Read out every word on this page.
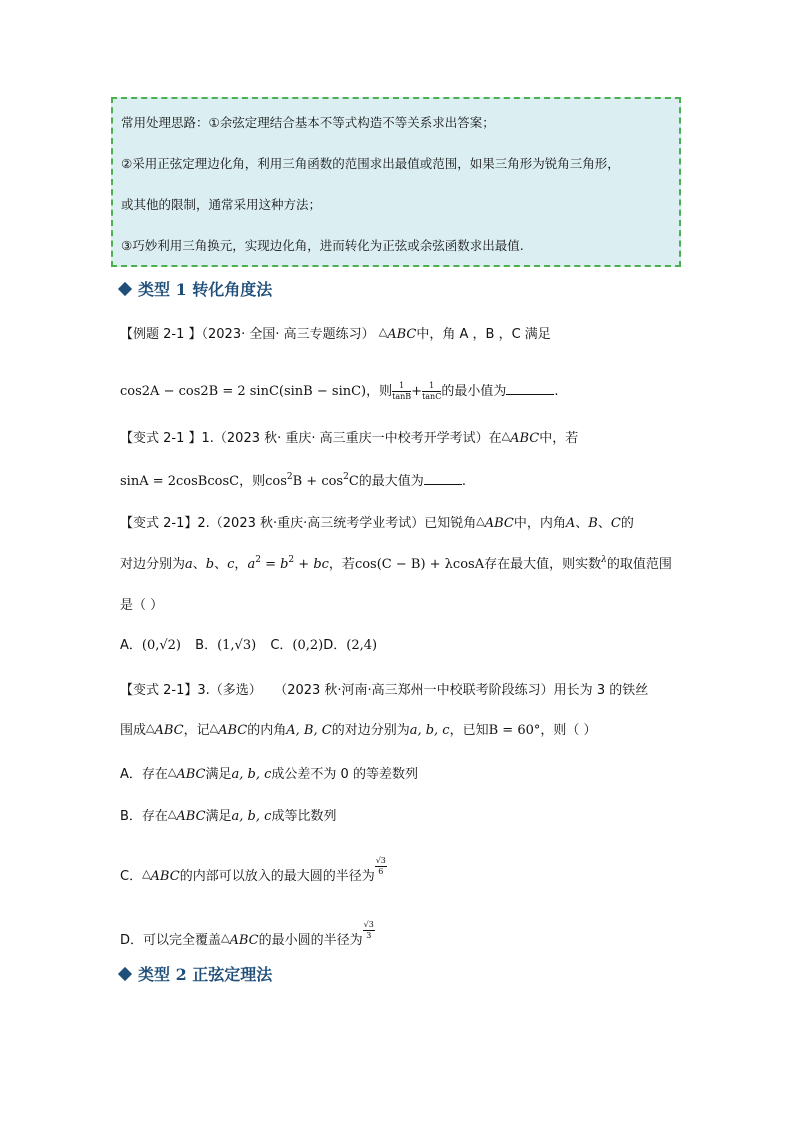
常用处理思路：①余弦定理结合基本不等式构造不等关系求出答案；
②采用正弦定理边化角，利用三角函数的范围求出最值或范围，如果三角形为锐角三角形，
或其他的限制，通常采用这种方法；
③巧妙利用三角换元，实现边化角，进而转化为正弦或余弦函数求出最值.
类型 1 转化角度法
【例题 2-1 】（2023· 全国· 高三专题练习） △ABC中，角 A ，B ，C 满足
cos2A − cos2B = 2 sinC(sinB − sinC)，则 $\frac{1}{\tan B} + \frac{1}{\tan C}$ 的最小值为	.
【变式 2-1 】1.（2023 秋· 重庆· 高三重庆一中校考开学考试）在△ABC中，若
sinA = 2cosBcosC，则$\cos^2B + \cos^2C$的最大值为	.
【变式 2-1】2.（2023 秋·重庆·高三统考学业考试）已知锐角△ABC中，内角A、B、C的
对边分别为a、b、c，$a^2 = b^2$ + bc，若cos(C − B) + λcosA存在最大值，则实数$^\lambda$的取值范围
是（ ）
A．(0,√2) B．(1,√3) C．(0,2)D．(2,4)
【变式 2-1】3.（多选） （2023 秋·河南·高三郑州一中校联考阶段练习）用长为 3 的铁丝
围成△ABC，记△ABC的内角A, B, C的对边分别为a, b, c，已知B = 60°，则（ ）
A．存在△ABC满足a, b, c成公差不为 0 的等差数列
B．存在△ABC满足a, b, c成等比数列
C．△ABC的内部可以放入的最大圆的半径为 $\frac{√3}{6}$
D．可以完全覆盖△ABC的最小圆的半径为 $\frac{√3}{3}$
类型 2 正弦定理法
